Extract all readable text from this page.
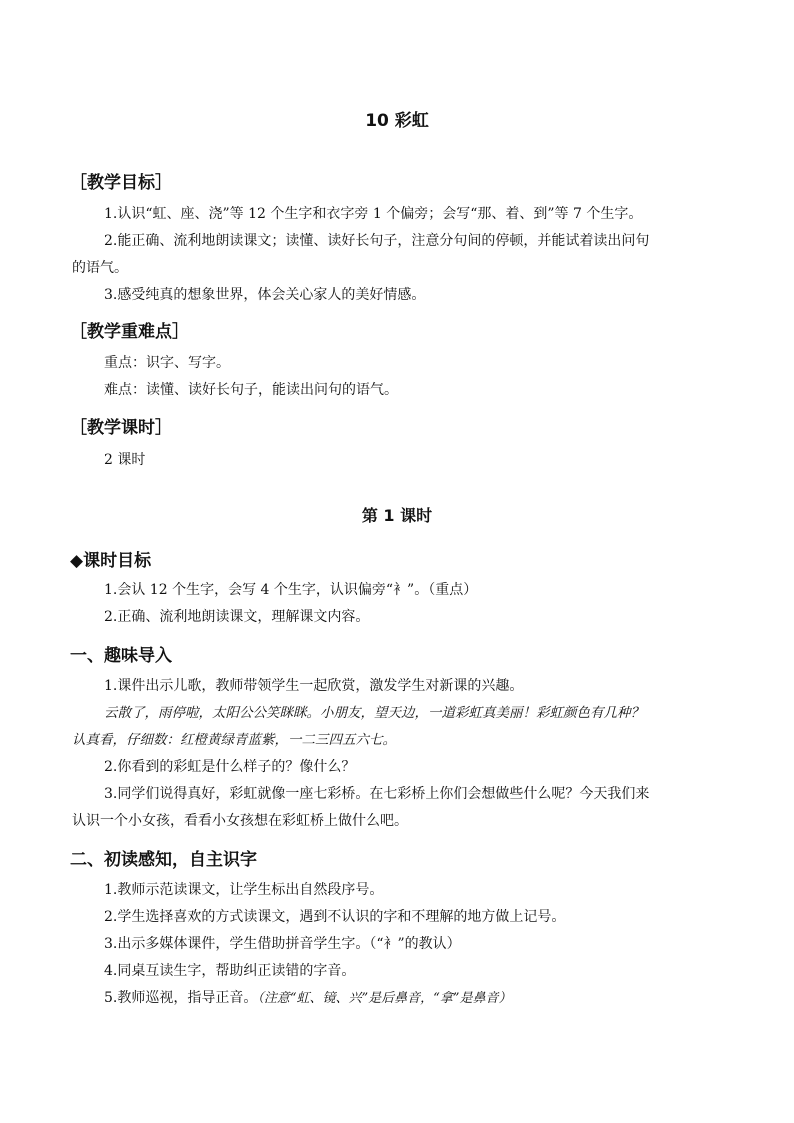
10 彩虹
［教学目标］
1.认识“虹、座、浇”等 12 个生字和衣字旁 1 个偏旁；会写“那、着、到”等 7 个生字。
2.能正确、流利地朗读课文；读懂、读好长句子，注意分句间的停顿，并能试着读出问句
的语气。
3.感受纯真的想象世界，体会关心家人的美好情感。
［教学重难点］
重点：识字、写字。
难点：读懂、读好长句子，能读出问句的语气。
［教学课时］
2 课时
第 1 课时
◆课时目标
1.会认 12 个生字，会写 4 个生字，认识偏旁“衤”。（重点）
2.正确、流利地朗读课文，理解课文内容。
一、趣味导入
1.课件出示儿歌，教师带领学生一起欣赏，激发学生对新课的兴趣。
云散了，雨停啦，太阳公公笑眯眯。小朋友，望天边，一道彩虹真美丽！彩虹颜色有几种？
认真看，仔细数：红橙黄绿青蓝紫，一二三四五六七。
2.你看到的彩虹是什么样子的？像什么？
3.同学们说得真好，彩虹就像一座七彩桥。在七彩桥上你们会想做些什么呢？今天我们来
认识一个小女孩，看看小女孩想在彩虹桥上做什么吧。
二、初读感知，自主识字
1.教师示范读课文，让学生标出自然段序号。
2.学生选择喜欢的方式读课文，遇到不认识的字和不理解的地方做上记号。
3.出示多媒体课件，学生借助拼音学生字。（“衤”的教认）
4.同桌互读生字，帮助纠正读错的字音。
5.教师巡视，指导正音。（注意“虹、镜、兴”是后鼻音，“拿”是鼻音）
